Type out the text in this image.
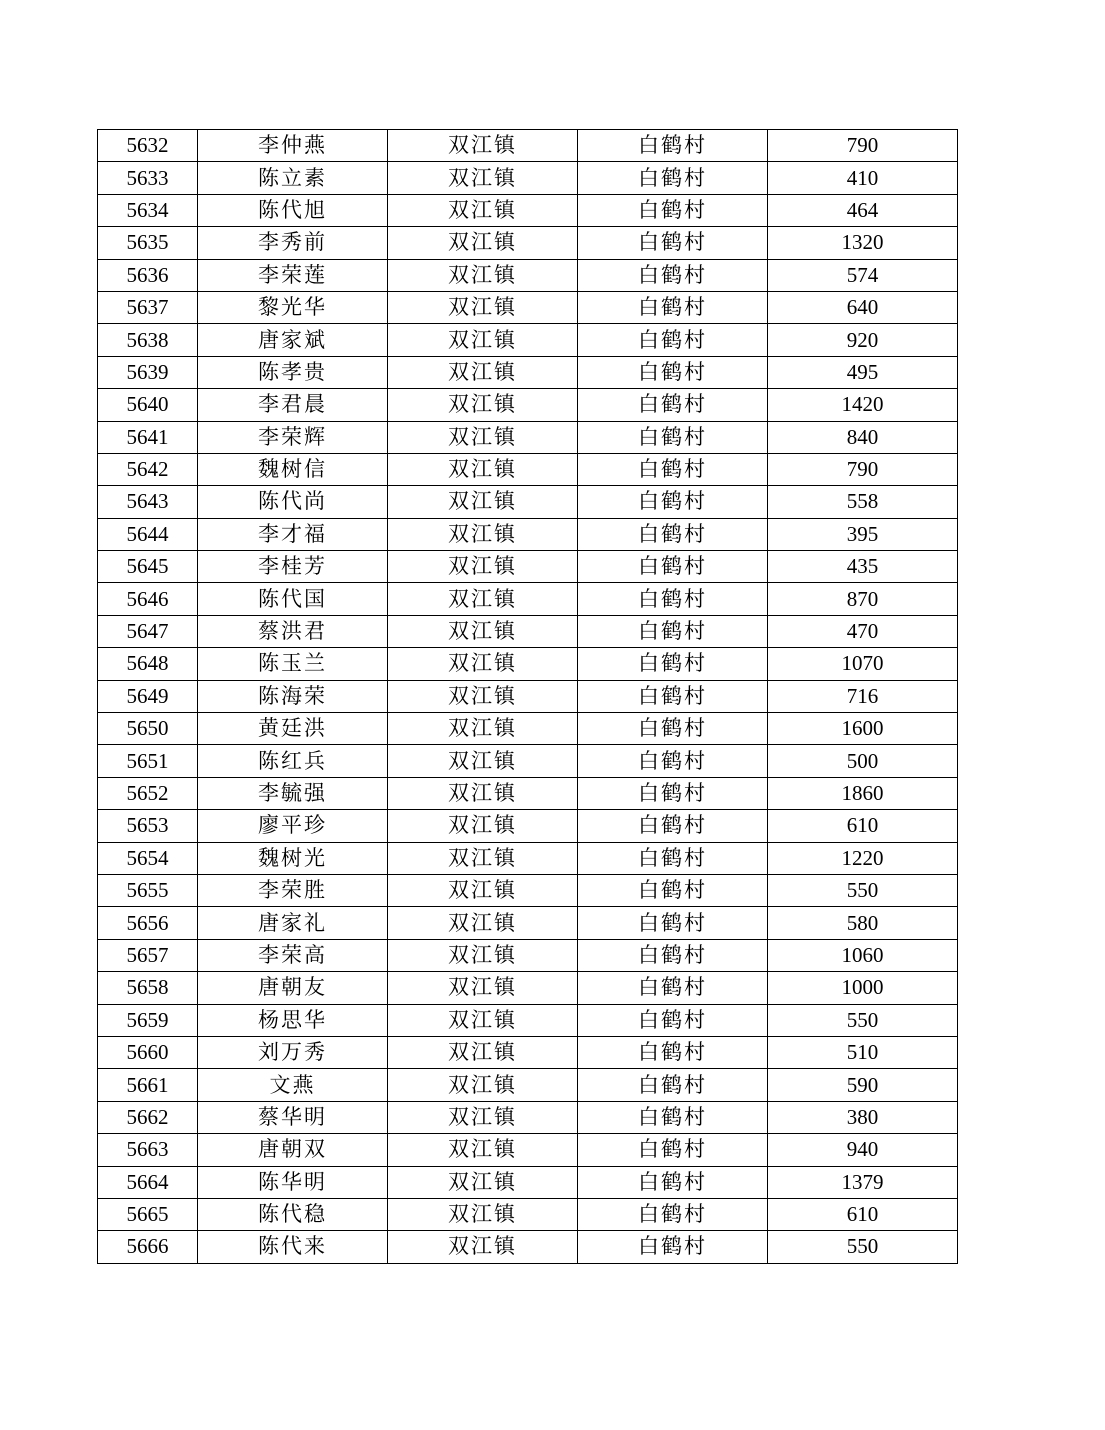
5632	李仲燕	双江镇	白鹤村	790
5633	陈立素	双江镇	白鹤村	410
5634	陈代旭	双江镇	白鹤村	464
5635	李秀前	双江镇	白鹤村	1320
5636	李荣莲	双江镇	白鹤村	574
5637	黎光华	双江镇	白鹤村	640
5638	唐家斌	双江镇	白鹤村	920
5639	陈孝贵	双江镇	白鹤村	495
5640	李君晨	双江镇	白鹤村	1420
5641	李荣辉	双江镇	白鹤村	840
5642	魏树信	双江镇	白鹤村	790
5643	陈代尚	双江镇	白鹤村	558
5644	李才福	双江镇	白鹤村	395
5645	李桂芳	双江镇	白鹤村	435
5646	陈代国	双江镇	白鹤村	870
5647	蔡洪君	双江镇	白鹤村	470
5648	陈玉兰	双江镇	白鹤村	1070
5649	陈海荣	双江镇	白鹤村	716
5650	黄廷洪	双江镇	白鹤村	1600
5651	陈红兵	双江镇	白鹤村	500
5652	李毓强	双江镇	白鹤村	1860
5653	廖平珍	双江镇	白鹤村	610
5654	魏树光	双江镇	白鹤村	1220
5655	李荣胜	双江镇	白鹤村	550
5656	唐家礼	双江镇	白鹤村	580
5657	李荣高	双江镇	白鹤村	1060
5658	唐朝友	双江镇	白鹤村	1000
5659	杨思华	双江镇	白鹤村	550
5660	刘万秀	双江镇	白鹤村	510
5661	文燕	双江镇	白鹤村	590
5662	蔡华明	双江镇	白鹤村	380
5663	唐朝双	双江镇	白鹤村	940
5664	陈华明	双江镇	白鹤村	1379
5665	陈代稳	双江镇	白鹤村	610
5666	陈代来	双江镇	白鹤村	550
